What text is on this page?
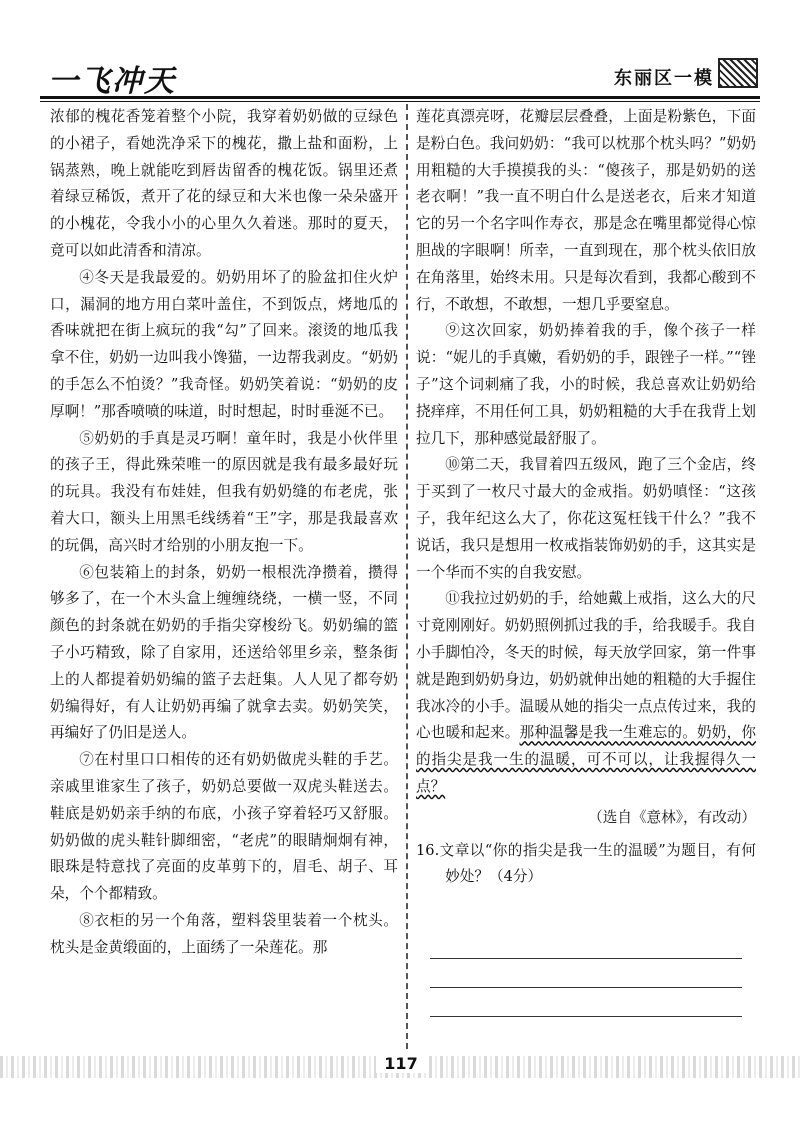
一飞冲天	东丽区一模

浓郁的槐花香笼着整个小院，我穿着奶奶做的豆绿色的小裙子，看她洗净采下的槐花，撒上盐和面粉，上锅蒸熟，晚上就能吃到唇齿留香的槐花饭。锅里还煮着绿豆稀饭，煮开了花的绿豆和大米也像一朵朵盛开的小槐花，令我小小的心里久久着迷。那时的夏天，竟可以如此清香和清凉。

④冬天是我最爱的。奶奶用坏了的脸盆扣住火炉口，漏洞的地方用白菜叶盖住，不到饭点，烤地瓜的香味就把在街上疯玩的我“勾”了回来。滚烫的地瓜我拿不住，奶奶一边叫我小馋猫，一边帮我剥皮。“奶奶的手怎么不怕烫？”我奇怪。奶奶笑着说：“奶奶的皮厚啊！”那香喷喷的味道，时时想起，时时垂涎不已。

⑤奶奶的手真是灵巧啊！童年时，我是小伙伴里的孩子王，得此殊荣唯一的原因就是我有最多最好玩的玩具。我没有布娃娃，但我有奶奶缝的布老虎，张着大口，额头上用黑毛线绣着“王”字，那是我最喜欢的玩偶，高兴时才给别的小朋友抱一下。

⑥包装箱上的封条，奶奶一根根洗净攒着，攒得够多了，在一个木头盒上缠缠绕绕，一横一竖，不同颜色的封条就在奶奶的手指尖穿梭纷飞。奶奶编的篮子小巧精致，除了自家用，还送给邻里乡亲，整条街上的人都提着奶奶编的篮子去赶集。人人见了都夸奶奶编得好，有人让奶奶再编了就拿去卖。奶奶笑笑，再编好了仍旧是送人。

⑦在村里口口相传的还有奶奶做虎头鞋的手艺。亲戚里谁家生了孩子，奶奶总要做一双虎头鞋送去。鞋底是奶奶亲手纳的布底，小孩子穿着轻巧又舒服。奶奶做的虎头鞋针脚细密，“老虎”的眼睛炯炯有神，眼珠是特意找了亮面的皮革剪下的，眉毛、胡子、耳朵，个个都精致。

⑧衣柜的另一个角落，塑料袋里装着一个枕头。枕头是金黄缎面的，上面绣了一朵莲花。那

莲花真漂亮呀，花瓣层层叠叠，上面是粉紫色，下面是粉白色。我问奶奶：“我可以枕那个枕头吗？”奶奶用粗糙的大手摸摸我的头：“傻孩子，那是奶奶的送老衣啊！”我一直不明白什么是送老衣，后来才知道它的另一个名字叫作寿衣，那是念在嘴里都觉得心惊胆战的字眼啊！所幸，一直到现在，那个枕头依旧放在角落里，始终未用。只是每次看到，我都心酸到不行，不敢想，不敢想，一想几乎要窒息。

⑨这次回家，奶奶捧着我的手，像个孩子一样说：“妮儿的手真嫩，看奶奶的手，跟锉子一样。”“锉子”这个词刺痛了我，小的时候，我总喜欢让奶奶给挠痒痒，不用任何工具，奶奶粗糙的大手在我背上划拉几下，那种感觉最舒服了。

⑩第二天，我冒着四五级风，跑了三个金店，终于买到了一枚尺寸最大的金戒指。奶奶嗔怪：“这孩子，我年纪这么大了，你花这冤枉钱干什么？”我不说话，我只是想用一枚戒指装饰奶奶的手，这其实是一个华而不实的自我安慰。

⑪我拉过奶奶的手，给她戴上戒指，这么大的尺寸竟刚刚好。奶奶照例抓过我的手，给我暖手。我自小手脚怕冷，冬天的时候，每天放学回家，第一件事就是跑到奶奶身边，奶奶就伸出她的粗糙的大手握住我冰冷的小手。温暖从她的指尖一点点传过来，我的心也暖和起来。那种温馨是我一生难忘的。奶奶，你的指尖是我一生的温暖，可不可以，让我握得久一点？

（选自《意林》，有改动）

16.文章以“你的指尖是我一生的温暖”为题目，有何妙处？（4分）

117
